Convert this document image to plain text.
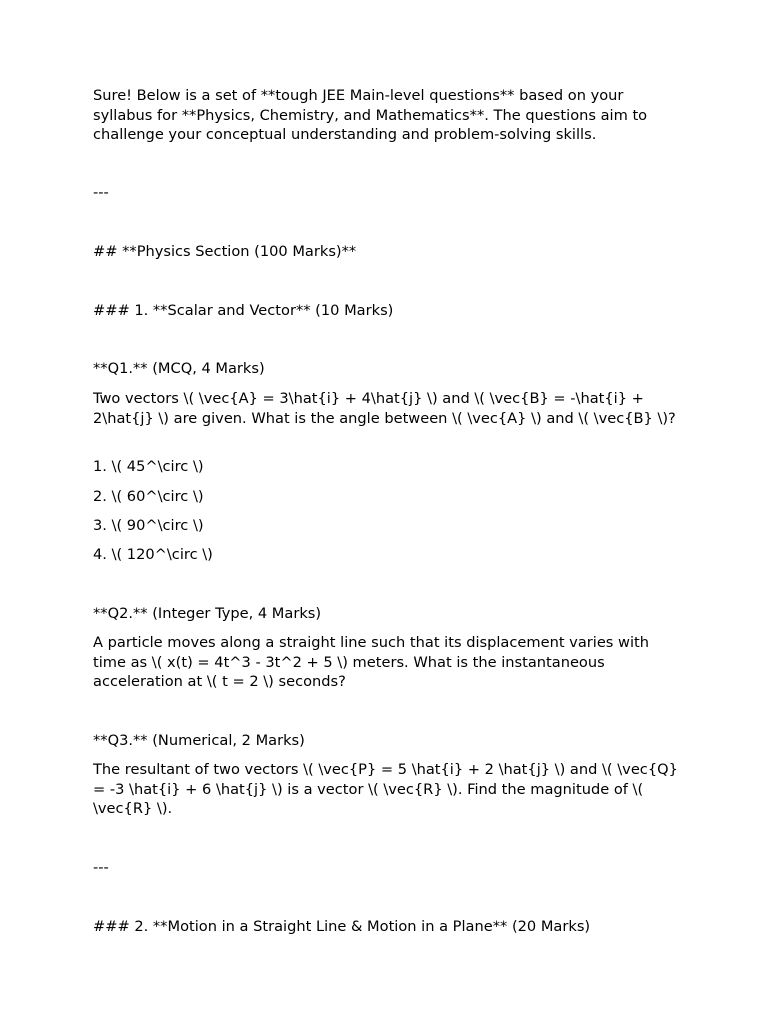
Sure! Below is a set of **tough JEE Main-level questions** based on your syllabus for **Physics, Chemistry, and Mathematics**. The questions aim to challenge your conceptual understanding and problem-solving skills.

---

## **Physics Section (100 Marks)**

### 1. **Scalar and Vector** (10 Marks)

**Q1.** (MCQ, 4 Marks)

Two vectors \( \vec{A} = 3\hat{i} + 4\hat{j} \) and \( \vec{B} = -\hat{i} + 2\hat{j} \) are given. What is the angle between \( \vec{A} \) and \( \vec{B} \)?

1. \( 45^\circ \)

2. \( 60^\circ \)

3. \( 90^\circ \)

4. \( 120^\circ \)

**Q2.** (Integer Type, 4 Marks)

A particle moves along a straight line such that its displacement varies with time as \( x(t) = 4t^3 - 3t^2 + 5 \) meters. What is the instantaneous acceleration at \( t = 2 \) seconds?

**Q3.** (Numerical, 2 Marks)

The resultant of two vectors \( \vec{P} = 5 \hat{i} + 2 \hat{j} \) and \( \vec{Q} = -3 \hat{i} + 6 \hat{j} \) is a vector \( \vec{R} \). Find the magnitude of \( \vec{R} \).

---

### 2. **Motion in a Straight Line & Motion in a Plane** (20 Marks)
